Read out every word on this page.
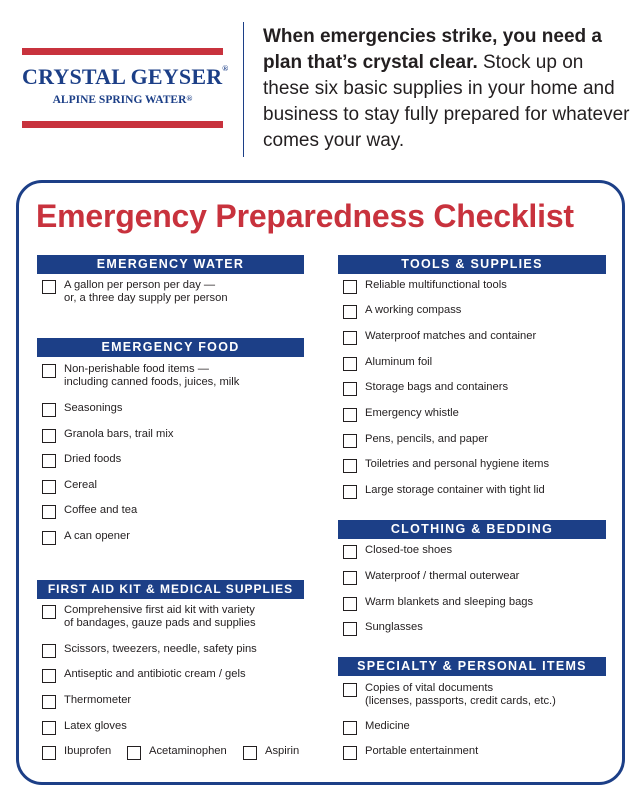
CRYSTAL GEYSER®
ALPINE SPRING WATER®

When emergencies strike, you need a plan that’s crystal clear. Stock up on these six basic supplies in your home and business to stay fully prepared for whatever comes your way.

Emergency Preparedness Checklist
EMERGENCY WATER
A gallon per person per day —
or, a three day supply per person
EMERGENCY FOOD
Non-perishable food items —
including canned foods, juices, milk
Seasonings
Granola bars, trail mix
Dried foods
Cereal
Coffee and tea
A can opener
FIRST AID KIT & MEDICAL SUPPLIES
Comprehensive first aid kit with variety
of bandages, gauze pads and supplies
Scissors, tweezers, needle, safety pins
Antiseptic and antibiotic cream / gels
Thermometer
Latex gloves
Ibuprofen	Acetaminophen	Aspirin
TOOLS & SUPPLIES
Reliable multifunctional tools
A working compass
Waterproof matches and container
Aluminum foil
Storage bags and containers
Emergency whistle
Pens, pencils, and paper
Toiletries and personal hygiene items
Large storage container with tight lid
CLOTHING & BEDDING
Closed-toe shoes
Waterproof / thermal outerwear
Warm blankets and sleeping bags
Sunglasses
SPECIALTY & PERSONAL ITEMS
Copies of vital documents
(licenses, passports, credit cards, etc.)
Medicine
Portable entertainment
